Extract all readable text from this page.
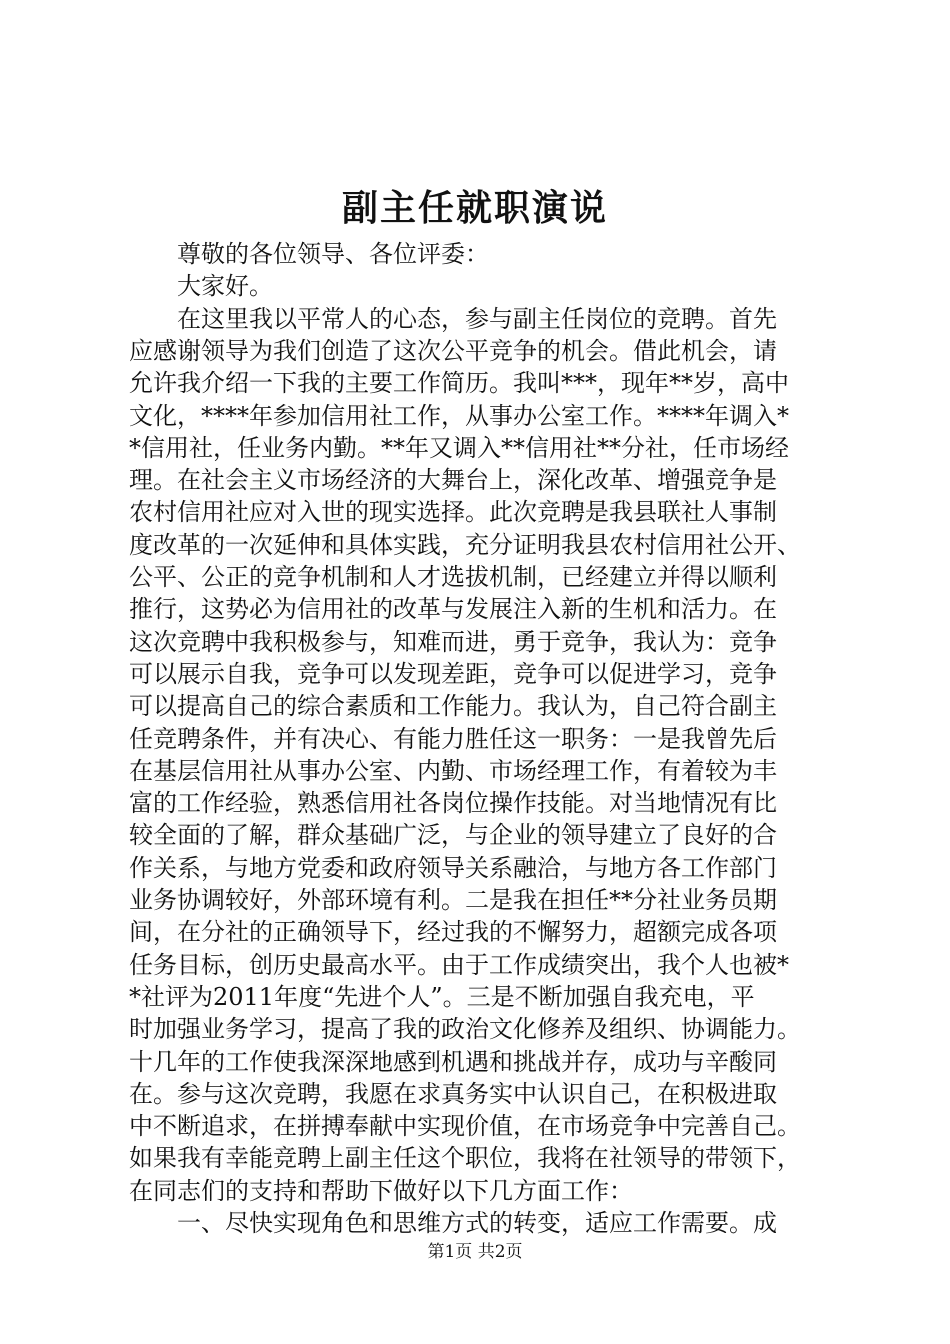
副主任就职演说
　　尊敬的各位领导、各位评委：
　　大家好。
　　在这里我以平常人的心态，参与副主任岗位的竞聘。首先
应感谢领导为我们创造了这次公平竞争的机会。借此机会，请
允许我介绍一下我的主要工作简历。我叫***，现年**岁，高中
文化，****年参加信用社工作，从事办公室工作。****年调入*
*信用社，任业务内勤。**年又调入**信用社**分社，任市场经
理。在社会主义市场经济的大舞台上，深化改革、增强竞争是
农村信用社应对入世的现实选择。此次竞聘是我县联社人事制
度改革的一次延伸和具体实践，充分证明我县农村信用社公开、
公平、公正的竞争机制和人才选拔机制，已经建立并得以顺利
推行，这势必为信用社的改革与发展注入新的生机和活力。在
这次竞聘中我积极参与，知难而进，勇于竞争，我认为：竞争
可以展示自我，竞争可以发现差距，竞争可以促进学习，竞争
可以提高自己的综合素质和工作能力。我认为，自己符合副主
任竞聘条件，并有决心、有能力胜任这一职务：一是我曾先后
在基层信用社从事办公室、内勤、市场经理工作，有着较为丰
富的工作经验，熟悉信用社各岗位操作技能。对当地情况有比
较全面的了解，群众基础广泛，与企业的领导建立了良好的合
作关系，与地方党委和政府领导关系融洽，与地方各工作部门
业务协调较好，外部环境有利。二是我在担任**分社业务员期
间，在分社的正确领导下，经过我的不懈努力，超额完成各项
任务目标，创历史最高水平。由于工作成绩突出，我个人也被*
*社评为2011年度“先进个人”。三是不断加强自我充电，平
时加强业务学习，提高了我的政治文化修养及组织、协调能力。
十几年的工作使我深深地感到机遇和挑战并存，成功与辛酸同
在。参与这次竞聘，我愿在求真务实中认识自己，在积极进取
中不断追求，在拼搏奉献中实现价值，在市场竞争中完善自己。
如果我有幸能竞聘上副主任这个职位，我将在社领导的带领下，
在同志们的支持和帮助下做好以下几方面工作：
　　一、尽快实现角色和思维方式的转变，适应工作需要。成
第1页 共2页
